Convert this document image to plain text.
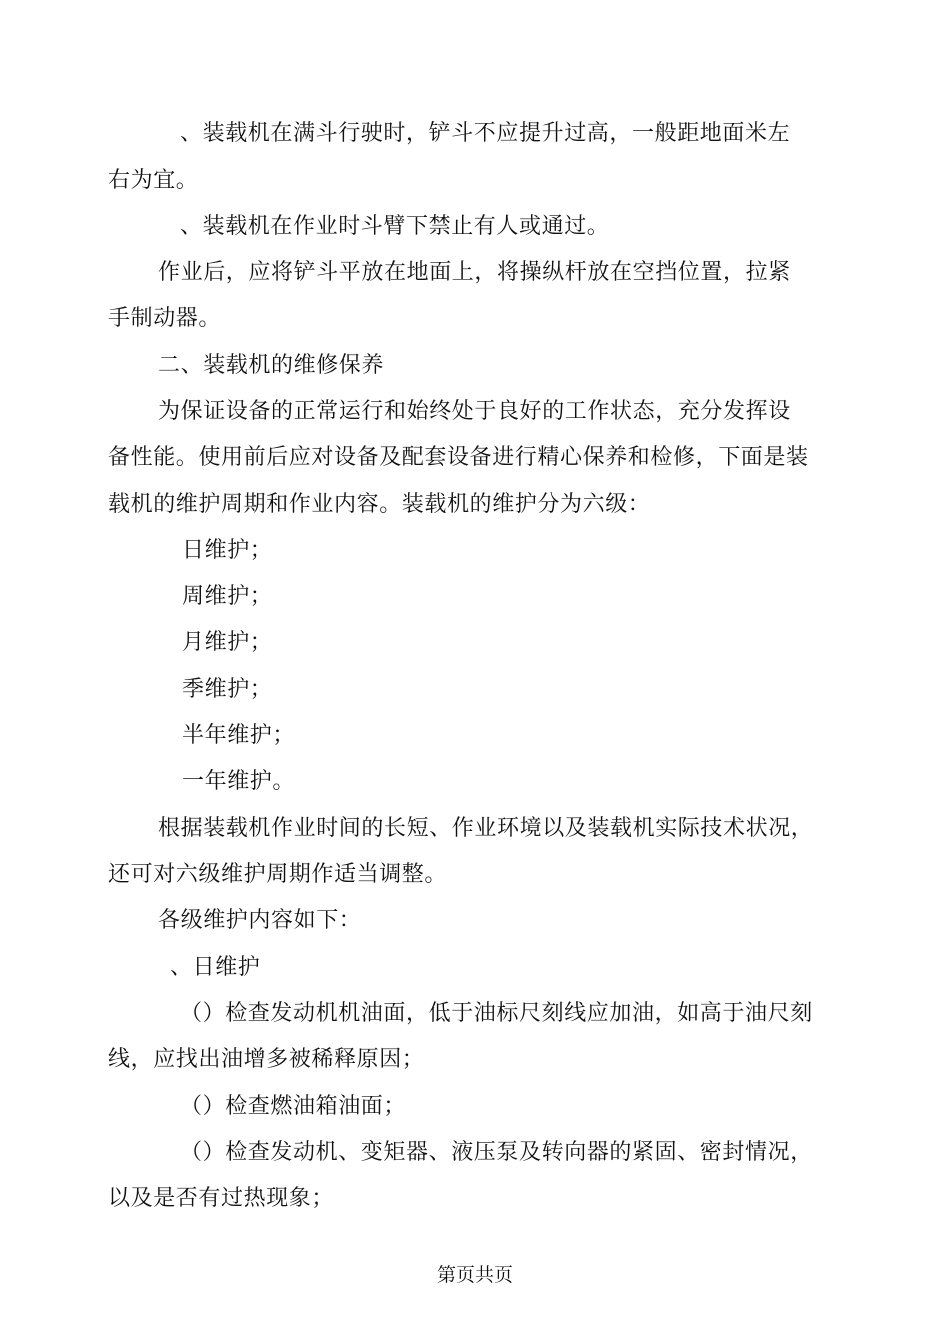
、装载机在满斗行驶时，铲斗不应提升过高，一般距地面米左
右为宜。
、装载机在作业时斗臂下禁止有人或通过。
作业后，应将铲斗平放在地面上，将操纵杆放在空挡位置，拉紧
手制动器。
二、装载机的维修保养
为保证设备的正常运行和始终处于良好的工作状态，充分发挥设
备性能。使用前后应对设备及配套设备进行精心保养和检修，下面是装
载机的维护周期和作业内容。装载机的维护分为六级：
日维护；
周维护；
月维护；
季维护；
半年维护；
一年维护。
根据装载机作业时间的长短、作业环境以及装载机实际技术状况，
还可对六级维护周期作适当调整。
各级维护内容如下：
、日维护
（）检查发动机机油面，低于油标尺刻线应加油，如高于油尺刻
线，应找出油增多被稀释原因；
（）检查燃油箱油面；
（）检查发动机、变矩器、液压泵及转向器的紧固、密封情况，
以及是否有过热现象；
第页共页
